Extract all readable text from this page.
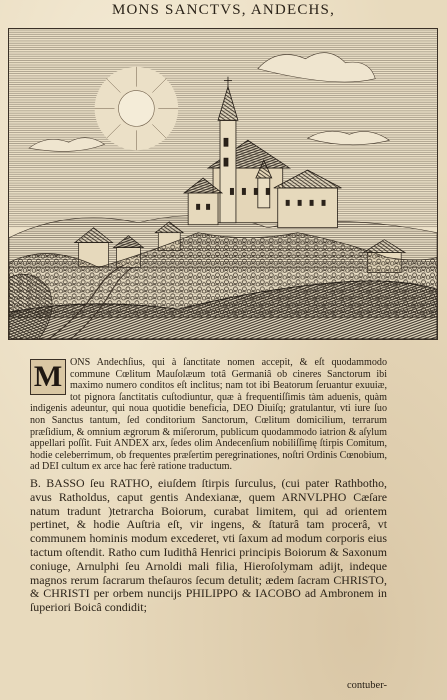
MONS SANCTVS, ANDECHS,
M ONS Andechſius, qui à ſanctitate nomen accepit, & eſt quodammodo commune Cœlitum Mauſolæum totâ Germaniâ ob cineres Sanctorum ibi maximo numero conditos eſt inclitus; nam tot ibi Beatorum ſeruantur exuuiæ, tot pignora ſanctitatis cuſtodiuntur, quæ à frequentiſſimis tàm aduenis, quàm indigenis adeuntur, qui noua quotidie beneficia, DEO Diuiſq; gratulantur, vti iure ſuo non Sanctus tantum, ſed conditorium Sanctorum, Cœlitum domicilium, terrarum præſidium, & omnium ægrorum & miſerorum, publicum quodammodo iatrion & aſylum appellari poſſit. Fuit ANDEX arx, ſedes olim Andecenſium nobiliſſimę ſtirpis Comitum, hodie celeberrimum, ob frequentes præſertim peregrinationes, noſtri Ordinis Cœnobium, ad DEI cultum ex arce hac ferè ratione traductum.

B. BASSO ſeu RATHO, eiuſdem ſtirpis ſurculus, (cui pater Rathbotho, avus Ratholdus, caput gentis Andexianæ, quem ARNVLPHO Cæſare natum tradunt )tetrarcha Boiorum, curabat limitem, qui ad orientem pertinet, & hodie Auſtria eſt, vir ingens, & ſtaturâ tam procerâ, vt communem hominis modum excederet, vti ſaxum ad modum corporis eius tactum oſtendit. Ratho cum Iudithâ Henrici principis Boiorum & Saxonum coniuge, Arnulphi ſeu Arnoldi mali filia, Hieroſolymam adijt, indeque magnos rerum ſacrarum theſauros ſecum detulit; ædem ſacram CHRISTO, & CHRISTI per orbem nuncijs PHILIPPO & IACOBO ad Ambronem in ſuperiori Boicâ condidit;

contuber-
